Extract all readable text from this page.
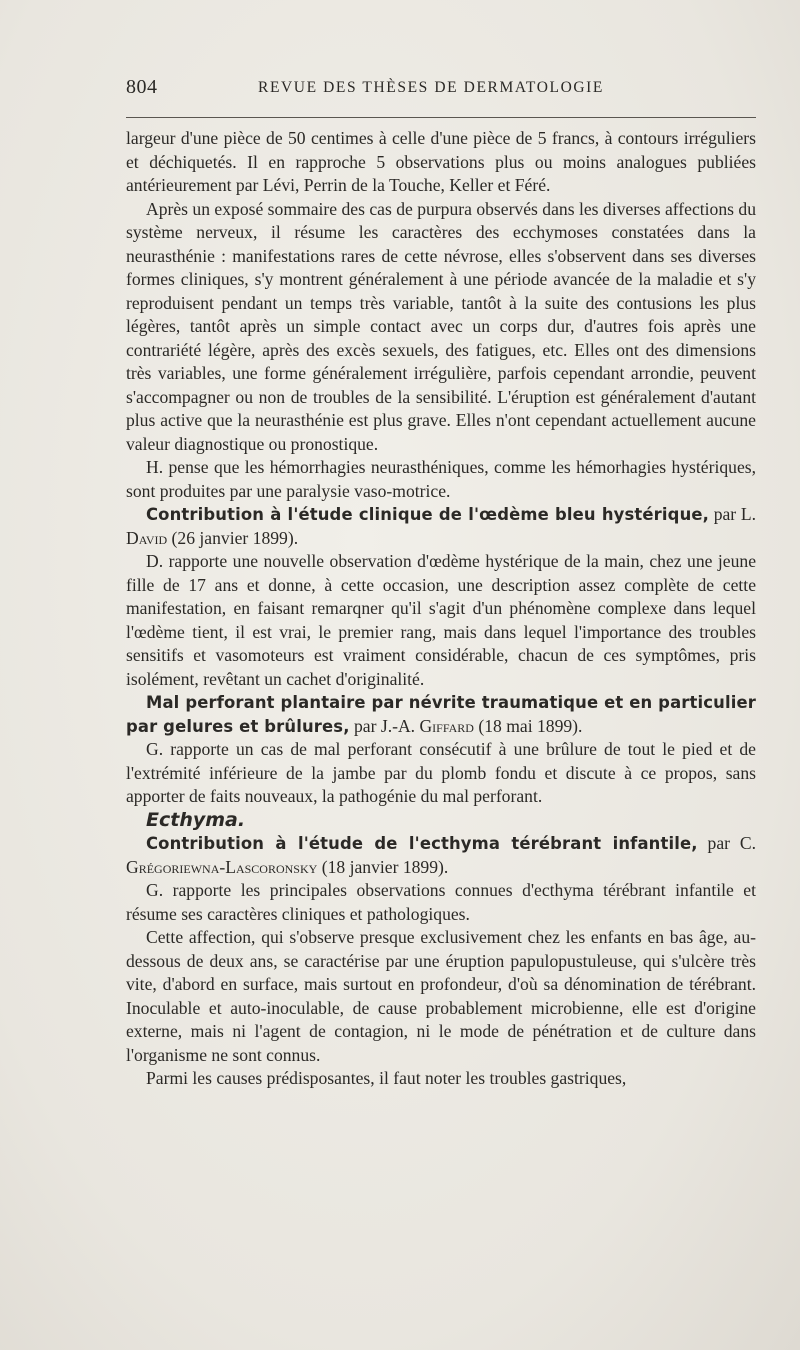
804	REVUE DES THÈSES DE DERMATOLOGIE

largeur d'une pièce de 50 centimes à celle d'une pièce de 5 francs, à contours irréguliers et déchiquetés. Il en rapproche 5 observations plus ou moins analogues publiées antérieurement par Lévi, Perrin de la Touche, Keller et Féré.

Après un exposé sommaire des cas de purpura observés dans les diverses affections du système nerveux, il résume les caractères des ecchymoses constatées dans la neurasthénie : manifestations rares de cette névrose, elles s'observent dans ses diverses formes cliniques, s'y montrent généralement à une période avancée de la maladie et s'y reproduisent pendant un temps très variable, tantôt à la suite des contusions les plus légères, tantôt après un simple contact avec un corps dur, d'autres fois après une contrariété légère, après des excès sexuels, des fatigues, etc. Elles ont des dimensions très variables, une forme généralement irrégulière, parfois cependant arrondie, peuvent s'accompagner ou non de troubles de la sensibilité. L'éruption est généralement d'autant plus active que la neurasthénie est plus grave. Elles n'ont cependant actuellement aucune valeur diagnostique ou pronostique.

H. pense que les hémorrhagies neurasthéniques, comme les hémorhagies hystériques, sont produites par une paralysie vaso-motrice.

Contribution à l'étude clinique de l'œdème bleu hystérique, par L. David (26 janvier 1899).

D. rapporte une nouvelle observation d'œdème hystérique de la main, chez une jeune fille de 17 ans et donne, à cette occasion, une description assez complète de cette manifestation, en faisant remarqner qu'il s'agit d'un phénomène complexe dans lequel l'œdème tient, il est vrai, le premier rang, mais dans lequel l'importance des troubles sensitifs et vasomoteurs est vraiment considérable, chacun de ces symptômes, pris isolément, revêtant un cachet d'originalité.

Mal perforant plantaire par névrite traumatique et en particulier par gelures et brûlures, par J.-A. Giffard (18 mai 1899).

G. rapporte un cas de mal perforant consécutif à une brûlure de tout le pied et de l'extrémité inférieure de la jambe par du plomb fondu et discute à ce propos, sans apporter de faits nouveaux, la pathogénie du mal perforant.

Ecthyma.

Contribution à l'étude de l'ecthyma térébrant infantile, par C. Grégoriewna-Lascoronsky (18 janvier 1899).

G. rapporte les principales observations connues d'ecthyma térébrant infantile et résume ses caractères cliniques et pathologiques.

Cette affection, qui s'observe presque exclusivement chez les enfants en bas âge, au-dessous de deux ans, se caractérise par une éruption papulopustuleuse, qui s'ulcère très vite, d'abord en surface, mais surtout en profondeur, d'où sa dénomination de térébrant. Inoculable et auto-inoculable, de cause probablement microbienne, elle est d'origine externe, mais ni l'agent de contagion, ni le mode de pénétration et de culture dans l'organisme ne sont connus.

Parmi les causes prédisposantes, il faut noter les troubles gastriques,
